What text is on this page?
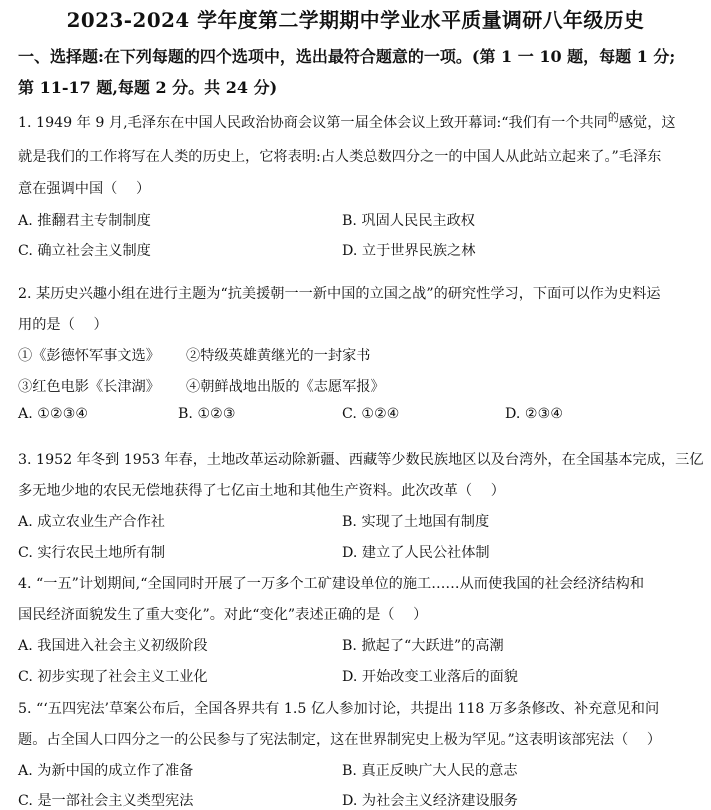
2023-2024 学年度第二学期期中学业水平质量调研八年级历史
一、选择题:在下列每题的四个选项中，选出最符合题意的一项。(第 1 一 10 题，每题 1 分;
第 11-17 题,每题 2 分。共 24 分)
1. 1949 年 9 月,毛泽东在中国人民政治协商会议第一届全体会议上致开幕词:“我们有一个共同$^的$感觉，这
就是我们的工作将写在人类的历史上，它将表明:占人类总数四分之一的中国人从此站立起来了。”毛泽东
意在强调中国（　 ）
A. 推翻君主专制制度	B. 巩固人民民主政权
C. 确立社会主义制度	D. 立于世界民族之林
2. 某历史兴趣小组在进行主题为“抗美援朝一一新中国的立国之战”的研究性学习，下面可以作为史料运
用的是（　 ）
①《彭德怀军事文选》 ②特级英雄黄继光的一封家书
③红色电影《长津湖》 ④朝鲜战地出版的《志愿军报》
A. ①②③④	B. ①②③	C. ①②④	D. ②③④
3. 1952 年冬到 1953 年春，土地改革运动除新疆、西藏等少数民族地区以及台湾外，在全国基本完成，三亿
多无地少地的农民无偿地获得了七亿亩土地和其他生产资料。此次改革（　 ）
A. 成立农业生产合作社	B. 实现了土地国有制度
C. 实行农民土地所有制	D. 建立了人民公社体制
4. “一五”计划期间,“全国同时开展了一万多个工矿建设单位的施工……从而使我国的社会经济结构和
国民经济面貌发生了重大变化”。对此“变化”表述正确的是（　 ）
A. 我国进入社会主义初级阶段	B. 掀起了“大跃进”的高潮
C. 初步实现了社会主义工业化	D. 开始改变工业落后的面貌
5. “‘五四宪法’草案公布后，全国各界共有 1.5 亿人参加讨论，共提出 118 万多条修改、补充意见和问
题。占全国人口四分之一的公民参与了宪法制定，这在世界制宪史上极为罕见。”这表明该部宪法（　 ）
A. 为新中国的成立作了准备	B. 真正反映广大人民的意志
C. 是一部社会主义类型宪法	D. 为社会主义经济建设服务
